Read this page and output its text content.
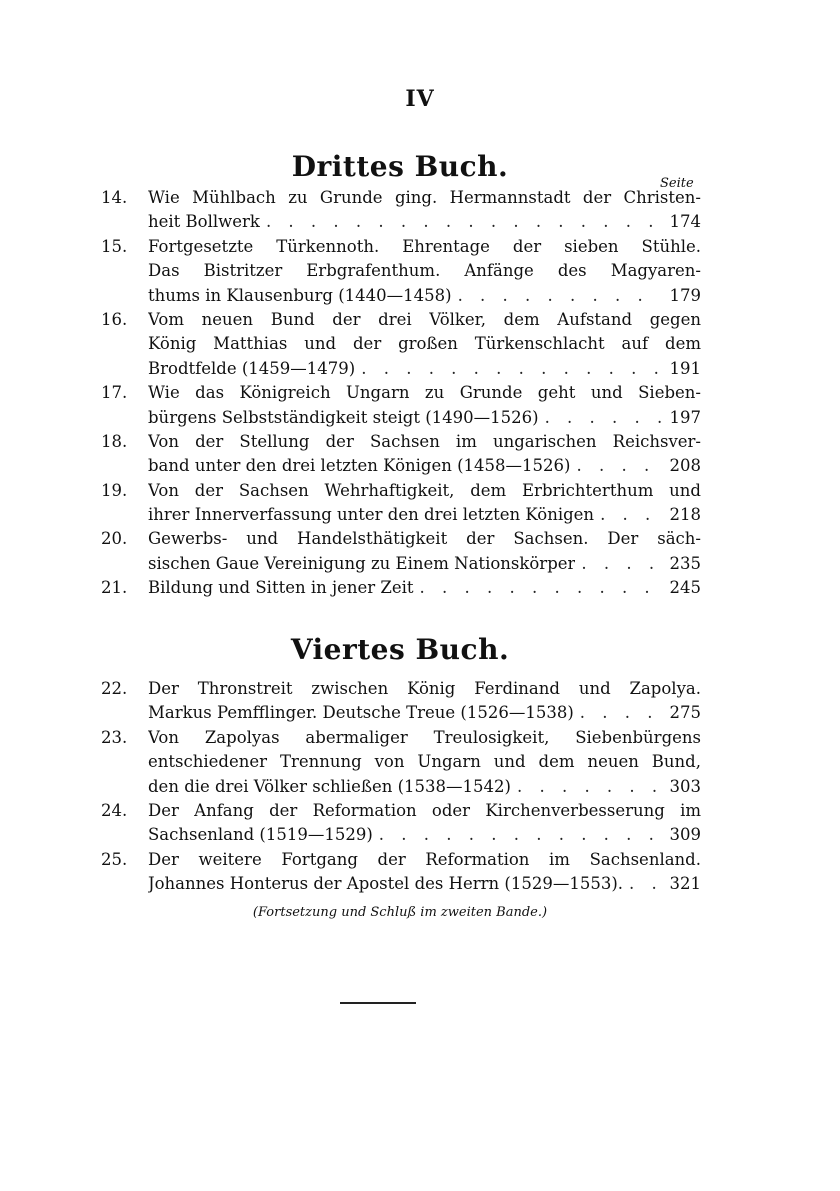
IV
Drittes Buch.
Seite
14.	Wie Mühlbach zu Grunde ging. Hermannstadt der Christen-
heit Bollwerk . . .	174
15.	Fortgesetzte Türkennoth. Ehrentage der sieben Stühle.
Das Bistritzer Erbgrafenthum. Anfänge des Magyaren-
thums in Klausenburg (1440—1458) . . .	179
16.	Vom neuen Bund der drei Völker, dem Aufstand gegen
König Matthias und der großen Türkenschlacht auf dem
Brodtfelde (1459—1479) . . .	191
17.	Wie das Königreich Ungarn zu Grunde geht und Sieben-
bürgens Selbstständigkeit steigt (1490—1526) . . .	197
18.	Von der Stellung der Sachsen im ungarischen Reichsver-
band unter den drei letzten Königen (1458—1526) . . .	208
19.	Von der Sachsen Wehrhaftigkeit, dem Erbrichterthum und
ihrer Innerverfassung unter den drei letzten Königen . . .	218
20.	Gewerbs- und Handelsthätigkeit der Sachsen. Der säch-
sischen Gaue Vereinigung zu Einem Nationskörper . . .	235
21.	Bildung und Sitten in jener Zeit . . .	245
Viertes Buch.
22.	Der Thronstreit zwischen König Ferdinand und Zapolya.
Markus Pemfflinger. Deutsche Treue (1526—1538) . . .	275
23.	Von Zapolyas abermaliger Treulosigkeit, Siebenbürgens
entschiedener Trennung von Ungarn und dem neuen Bund,
den die drei Völker schließen (1538—1542) . . .	303
24.	Der Anfang der Reformation oder Kirchenverbesserung im
Sachsenland (1519—1529) . . .	309
25.	Der weitere Fortgang der Reformation im Sachsenland.
Johannes Honterus der Apostel des Herrn (1529—1553). . . .	321
(Fortsetzung und Schluß im zweiten Bande.)
